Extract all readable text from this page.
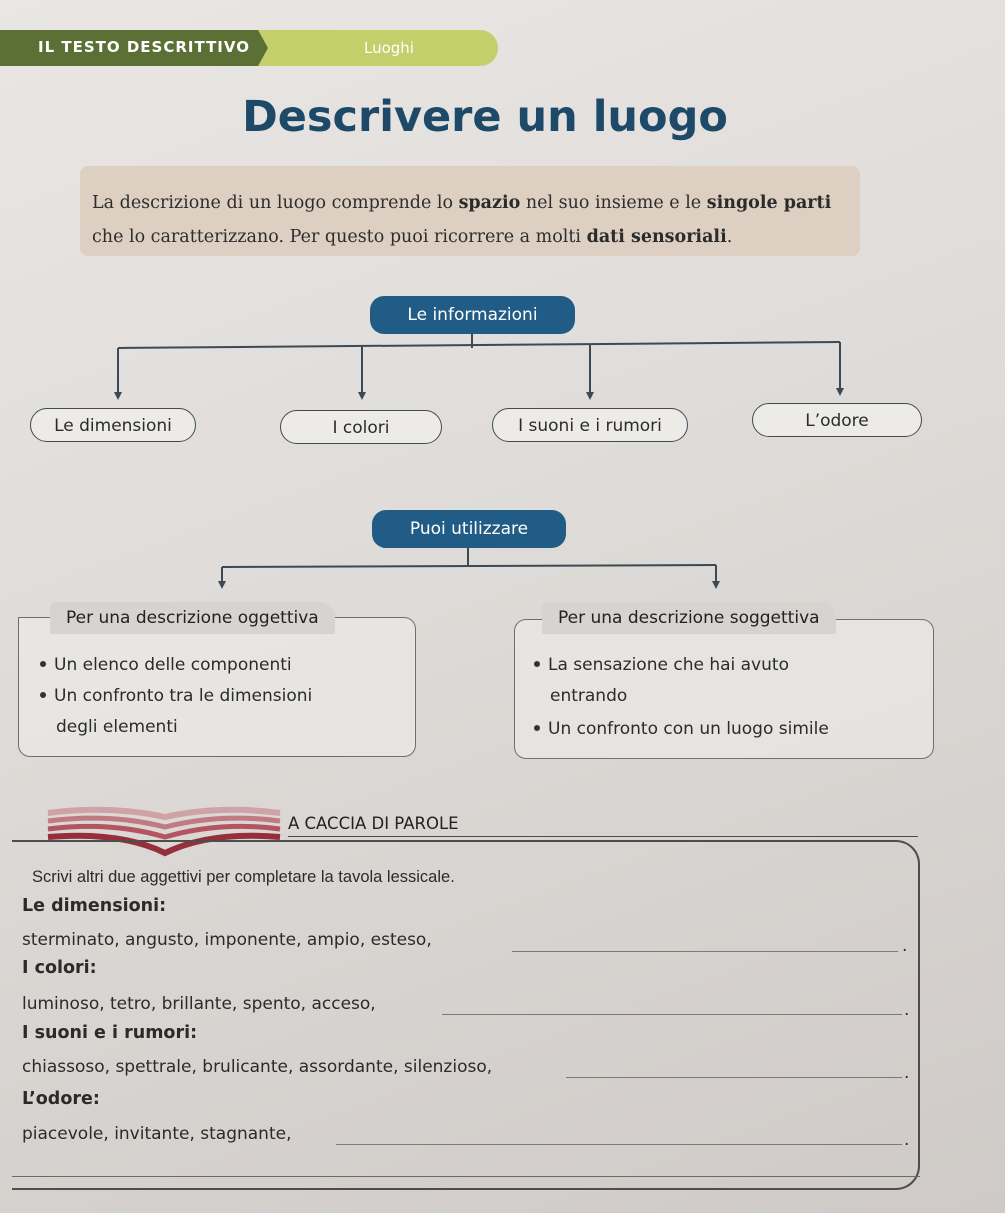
IL TESTO DESCRITTIVO	Luoghi
Descrivere un luogo
La descrizione di un luogo comprende lo spazio nel suo insieme e le singole parti
che lo caratterizzano. Per questo puoi ricorrere a molti dati sensoriali.
Le informazioni
Le dimensioni	I colori	I suoni e i rumori	L’odore
Puoi utilizzare
Per una descrizione oggettiva
Un elenco delle componenti
Un confronto tra le dimensioni
degli elementi
Per una descrizione soggettiva
La sensazione che hai avuto
entrando
Un confronto con un luogo simile
A CACCIA DI PAROLE
Scrivi altri due aggettivi per completare la tavola lessicale.
Le dimensioni:
sterminato, angusto, imponente, ampio, esteso,	.
I colori:
luminoso, tetro, brillante, spento, acceso,	.
I suoni e i rumori:
chiassoso, spettrale, brulicante, assordante, silenzioso,	.
L’odore:
piacevole, invitante, stagnante,	.
